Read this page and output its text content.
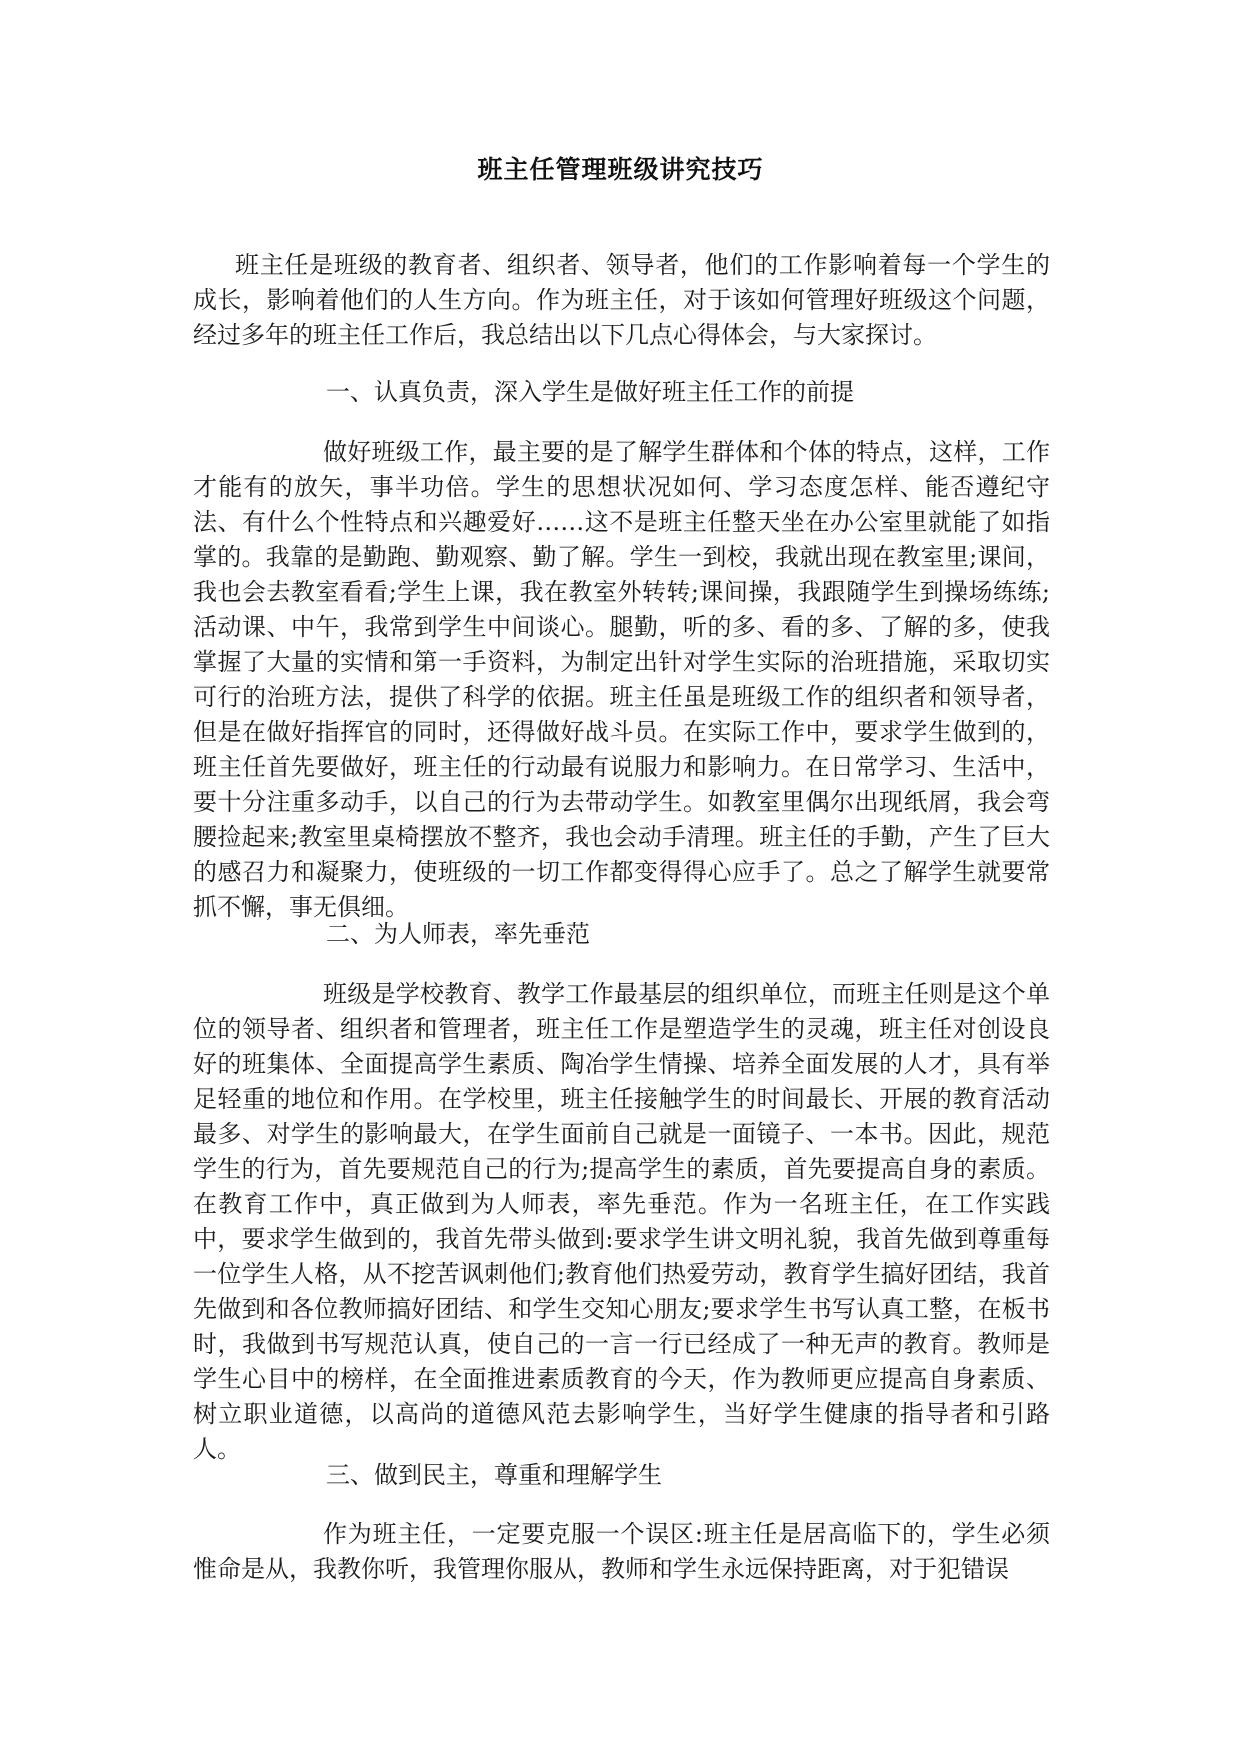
班主任管理班级讲究技巧

班主任是班级的教育者、组织者、领导者，他们的工作影响着每一个学生的成长，影响着他们的人生方向。作为班主任，对于该如何管理好班级这个问题，经过多年的班主任工作后，我总结出以下几点心得体会，与大家探讨。

一、认真负责，深入学生是做好班主任工作的前提

做好班级工作，最主要的是了解学生群体和个体的特点，这样，工作才能有的放矢，事半功倍。学生的思想状况如何、学习态度怎样、能否遵纪守法、有什么个性特点和兴趣爱好……这不是班主任整天坐在办公室里就能了如指掌的。我靠的是勤跑、勤观察、勤了解。学生一到校，我就出现在教室里;课间，我也会去教室看看;学生上课，我在教室外转转;课间操，我跟随学生到操场练练;活动课、中午，我常到学生中间谈心。腿勤，听的多、看的多、了解的多，使我掌握了大量的实情和第一手资料，为制定出针对学生实际的治班措施，采取切实可行的治班方法，提供了科学的依据。班主任虽是班级工作的组织者和领导者，但是在做好指挥官的同时，还得做好战斗员。在实际工作中，要求学生做到的，班主任首先要做好，班主任的行动最有说服力和影响力。在日常学习、生活中，要十分注重多动手，以自己的行为去带动学生。如教室里偶尔出现纸屑，我会弯腰捡起来;教室里桌椅摆放不整齐，我也会动手清理。班主任的手勤，产生了巨大的感召力和凝聚力，使班级的一切工作都变得得心应手了。总之了解学生就要常抓不懈，事无俱细。

二、为人师表，率先垂范

班级是学校教育、教学工作最基层的组织单位，而班主任则是这个单位的领导者、组织者和管理者，班主任工作是塑造学生的灵魂，班主任对创设良好的班集体、全面提高学生素质、陶冶学生情操、培养全面发展的人才，具有举足轻重的地位和作用。在学校里，班主任接触学生的时间最长、开展的教育活动最多、对学生的影响最大，在学生面前自己就是一面镜子、一本书。因此，规范学生的行为，首先要规范自己的行为;提高学生的素质，首先要提高自身的素质。在教育工作中，真正做到为人师表，率先垂范。作为一名班主任，在工作实践中，要求学生做到的，我首先带头做到:要求学生讲文明礼貌，我首先做到尊重每一位学生人格，从不挖苦讽刺他们;教育他们热爱劳动，教育学生搞好团结，我首先做到和各位教师搞好团结、和学生交知心朋友;要求学生书写认真工整，在板书时，我做到书写规范认真，使自己的一言一行已经成了一种无声的教育。教师是学生心目中的榜样，在全面推进素质教育的今天，作为教师更应提高自身素质、树立职业道德，以高尚的道德风范去影响学生，当好学生健康的指导者和引路人。

三、做到民主，尊重和理解学生

作为班主任，一定要克服一个误区:班主任是居高临下的，学生必须惟命是从，我教你听，我管理你服从，教师和学生永远保持距离，对于犯错误
